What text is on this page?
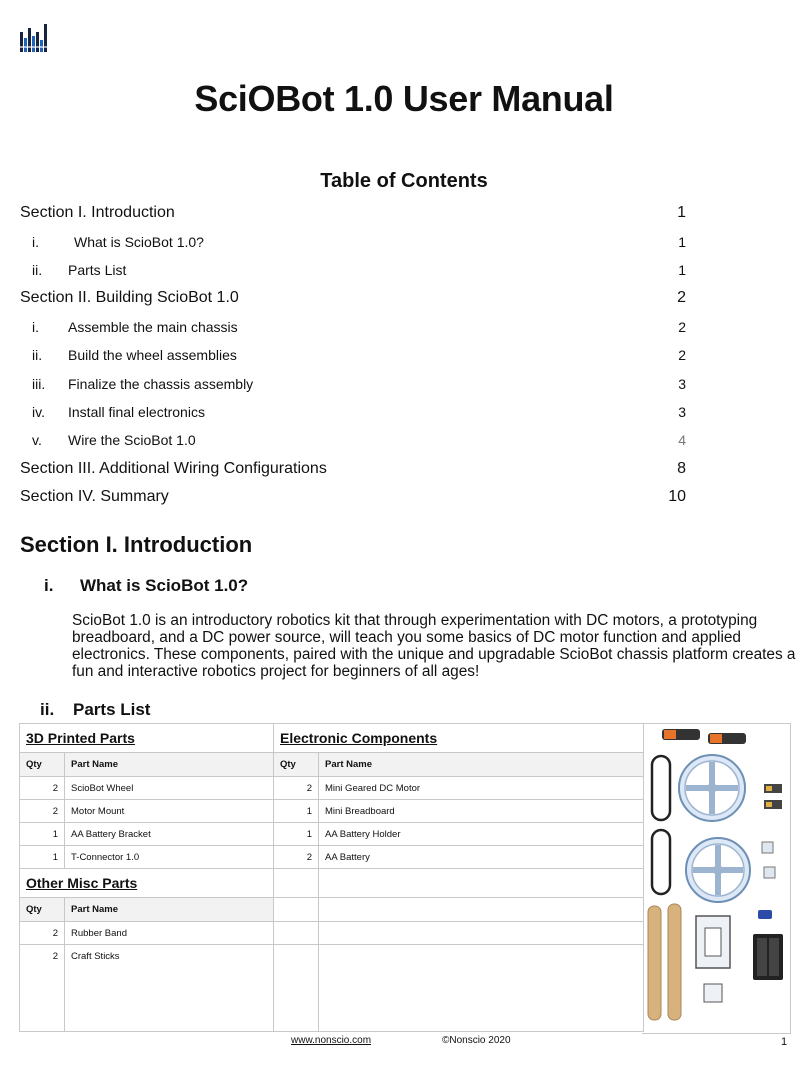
SciOBot 1.0 User Manual
Table of Contents
Section I. Introduction	1
i.	What is ScioBot 1.0?	1
ii. Parts List	1
Section II. Building ScioBot 1.0	2
i. Assemble the main chassis	2
ii. Build the wheel assemblies	2
iii. Finalize the chassis assembly	3
iv. Install final electronics	3
v. Wire the ScioBot 1.0	4
Section III. Additional Wiring Configurations	8
Section IV. Summary	10
Section I. Introduction
i. What is ScioBot 1.0?
ScioBot 1.0 is an introductory robotics kit that through experimentation with DC motors, a prototyping breadboard, and a DC power source, will teach you some basics of DC motor function and applied electronics. These components, paired with the unique and upgradable ScioBot chassis platform creates a fun and interactive robotics project for beginners of all ages!
ii. Parts List
3D Printed Parts		Electronic Components	
Qty	Part Name	Qty	Part Name
2	ScioBot Wheel	2	Mini Geared DC Motor
2	Motor Mount	1	Mini Breadboard
1	AA Battery Bracket	1	AA Battery Holder
1	T-Connector 1.0	2	AA Battery
Other Misc Parts			
Qty	Part Name		
2	Rubber Band		
2	Craft Sticks		
www.nonscio.com	©Nonscio 2020	1
